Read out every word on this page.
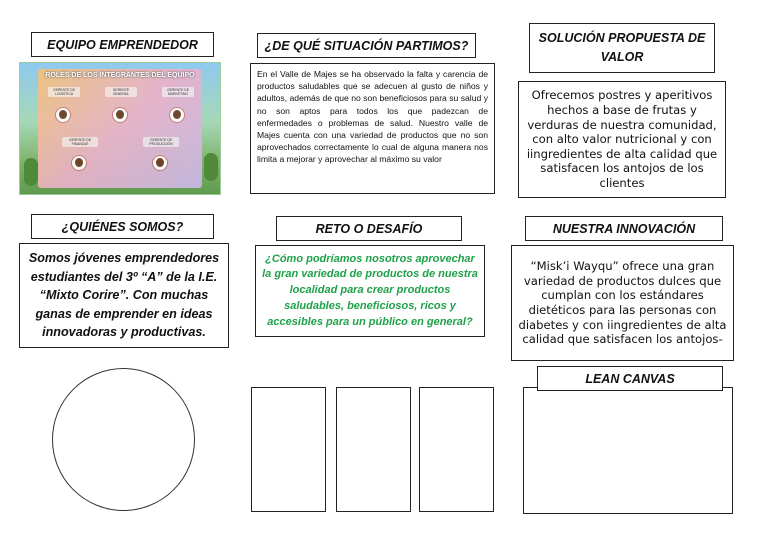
EQUIPO EMPRENDEDOR
ROLES DE LOS INTEGRANTES DEL EQUIPO
GERENTE DE LOGÍSTICA
GERENTE GENERAL
GERENTE DE MARKETING
GERENTE DE FINANZAS
GERENTE DE PRODUCCIÓN
¿DE QUÉ SITUACIÓN PARTIMOS?
En el Valle de Majes se ha observado la falta y carencia de productos saludables que se adecuen al gusto de niños y adultos, además de que no son beneficiosos para su salud y no son aptos para todos los que padezcan de enfermedades o problemas de salud. Nuestro valle de Majes cuenta con una variedad de productos que no son aprovechados correctamente lo cual de alguna manera nos limita a mejorar y aprovechar al máximo su valor
SOLUCIÓN PROPUESTA DE VALOR
Ofrecemos postres y aperitivos hechos a base de frutas y verduras de nuestra comunidad, con alto valor nutricional y con iingredientes de alta calidad que satisfacen los antojos de los clientes
¿QUIÉNES SOMOS?
Somos jóvenes emprendedores estudiantes del 3º “A” de la I.E. “Mixto Corire”. Con muchas ganas de emprender en ideas innovadoras y productivas.
RETO O DESAFÍO
¿Cómo podríamos nosotros aprovechar la gran variedad de productos de nuestra localidad para crear productos saludables, beneficiosos, ricos y accesibles para un público en general?
NUESTRA INNOVACIÓN
“Misk’i Wayqu” ofrece una gran variedad de productos dulces que cumplan con los estándares dietéticos para las personas con diabetes y con iingredientes de alta calidad que satisfacen los antojos-
LEAN CANVAS
